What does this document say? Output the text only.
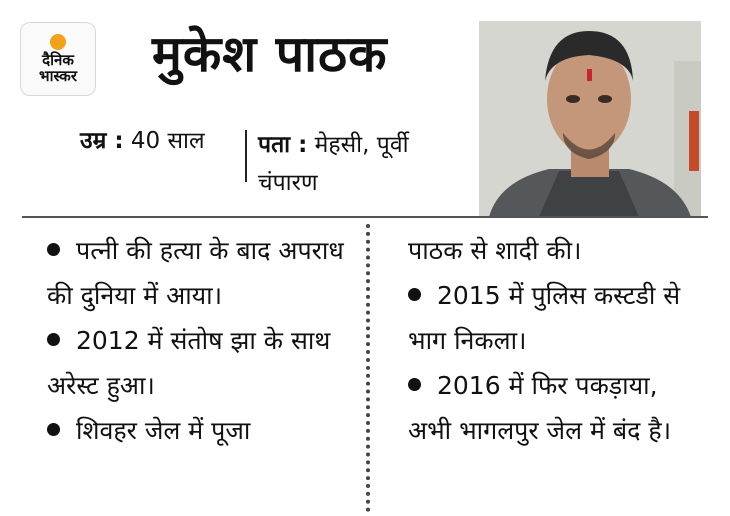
दैनिक
भास्कर मुकेश पाठक
उम्र : 40 साल पता : मेहसी, पूर्वी चंपारण

पत्नी की हत्या के बाद अपराध की दुनिया में आया।

2012 में संतोष झा के साथ अरेस्ट हुआ।

शिवहर जेल में पूजा

पाठक से शादी की।

2015 में पुलिस कस्टडी से भाग निकला।

2016 में फिर पकड़ाया, अभी भागलपुर जेल में बंद है।
